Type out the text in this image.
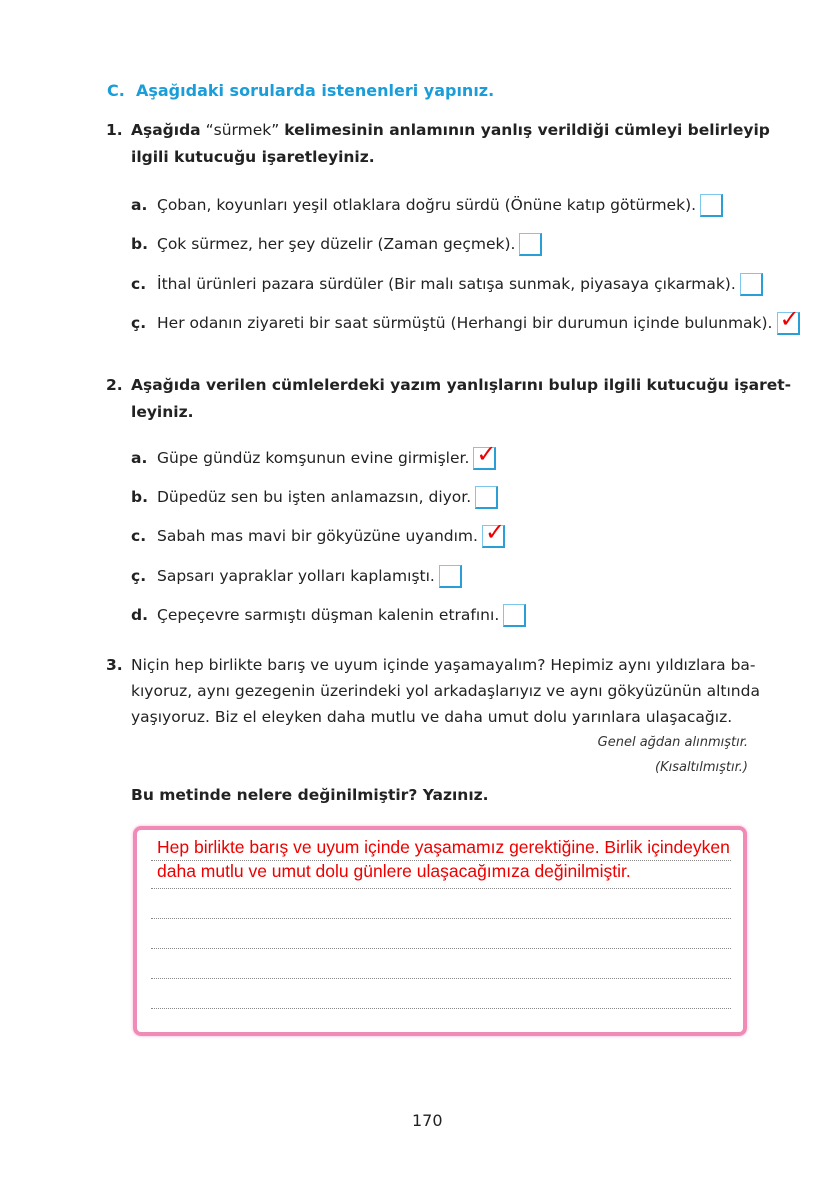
C. Aşağıdaki sorularda istenenleri yapınız.
1. Aşağıda “sürmek” kelimesinin anlamının yanlış verildiği cümleyi belirleyip
ilgili kutucuğu işaretleyiniz.
a. Çoban, koyunları yeşil otlaklara doğru sürdü (Önüne katıp götürmek).
b. Çok sürmez, her şey düzelir (Zaman geçmek).
c. İthal ürünleri pazara sürdüler (Bir malı satışa sunmak, piyasaya çıkarmak).
ç. Her odanın ziyareti bir saat sürmüştü (Herhangi bir durumun içinde bulunmak). ✓
2. Aşağıda verilen cümlelerdeki yazım yanlışlarını bulup ilgili kutucuğu işaret-
leyiniz.
a. Güpe gündüz komşunun evine girmişler. ✓
b. Düpedüz sen bu işten anlamazsın, diyor.
c. Sabah mas mavi bir gökyüzüne uyandım. ✓
ç. Sapsarı yapraklar yolları kaplamıştı.
d. Çepeçevre sarmıştı düşman kalenin etrafını.
3. Niçin hep birlikte barış ve uyum içinde yaşamayalım? Hepimiz aynı yıldızlara ba-
kıyoruz, aynı gezegenin üzerindeki yol arkadaşlarıyız ve aynı gökyüzünün altında
yaşıyoruz. Biz el eleyken daha mutlu ve daha umut dolu yarınlara ulaşacağız.
Genel ağdan alınmıştır.
(Kısaltılmıştır.)
Bu metinde nelere değinilmiştir? Yazınız.
Hep birlikte barış ve uyum içinde yaşamamız gerektiğine. Birlik içindeyken
daha mutlu ve umut dolu günlere ulaşacağımıza değinilmiştir.
170
